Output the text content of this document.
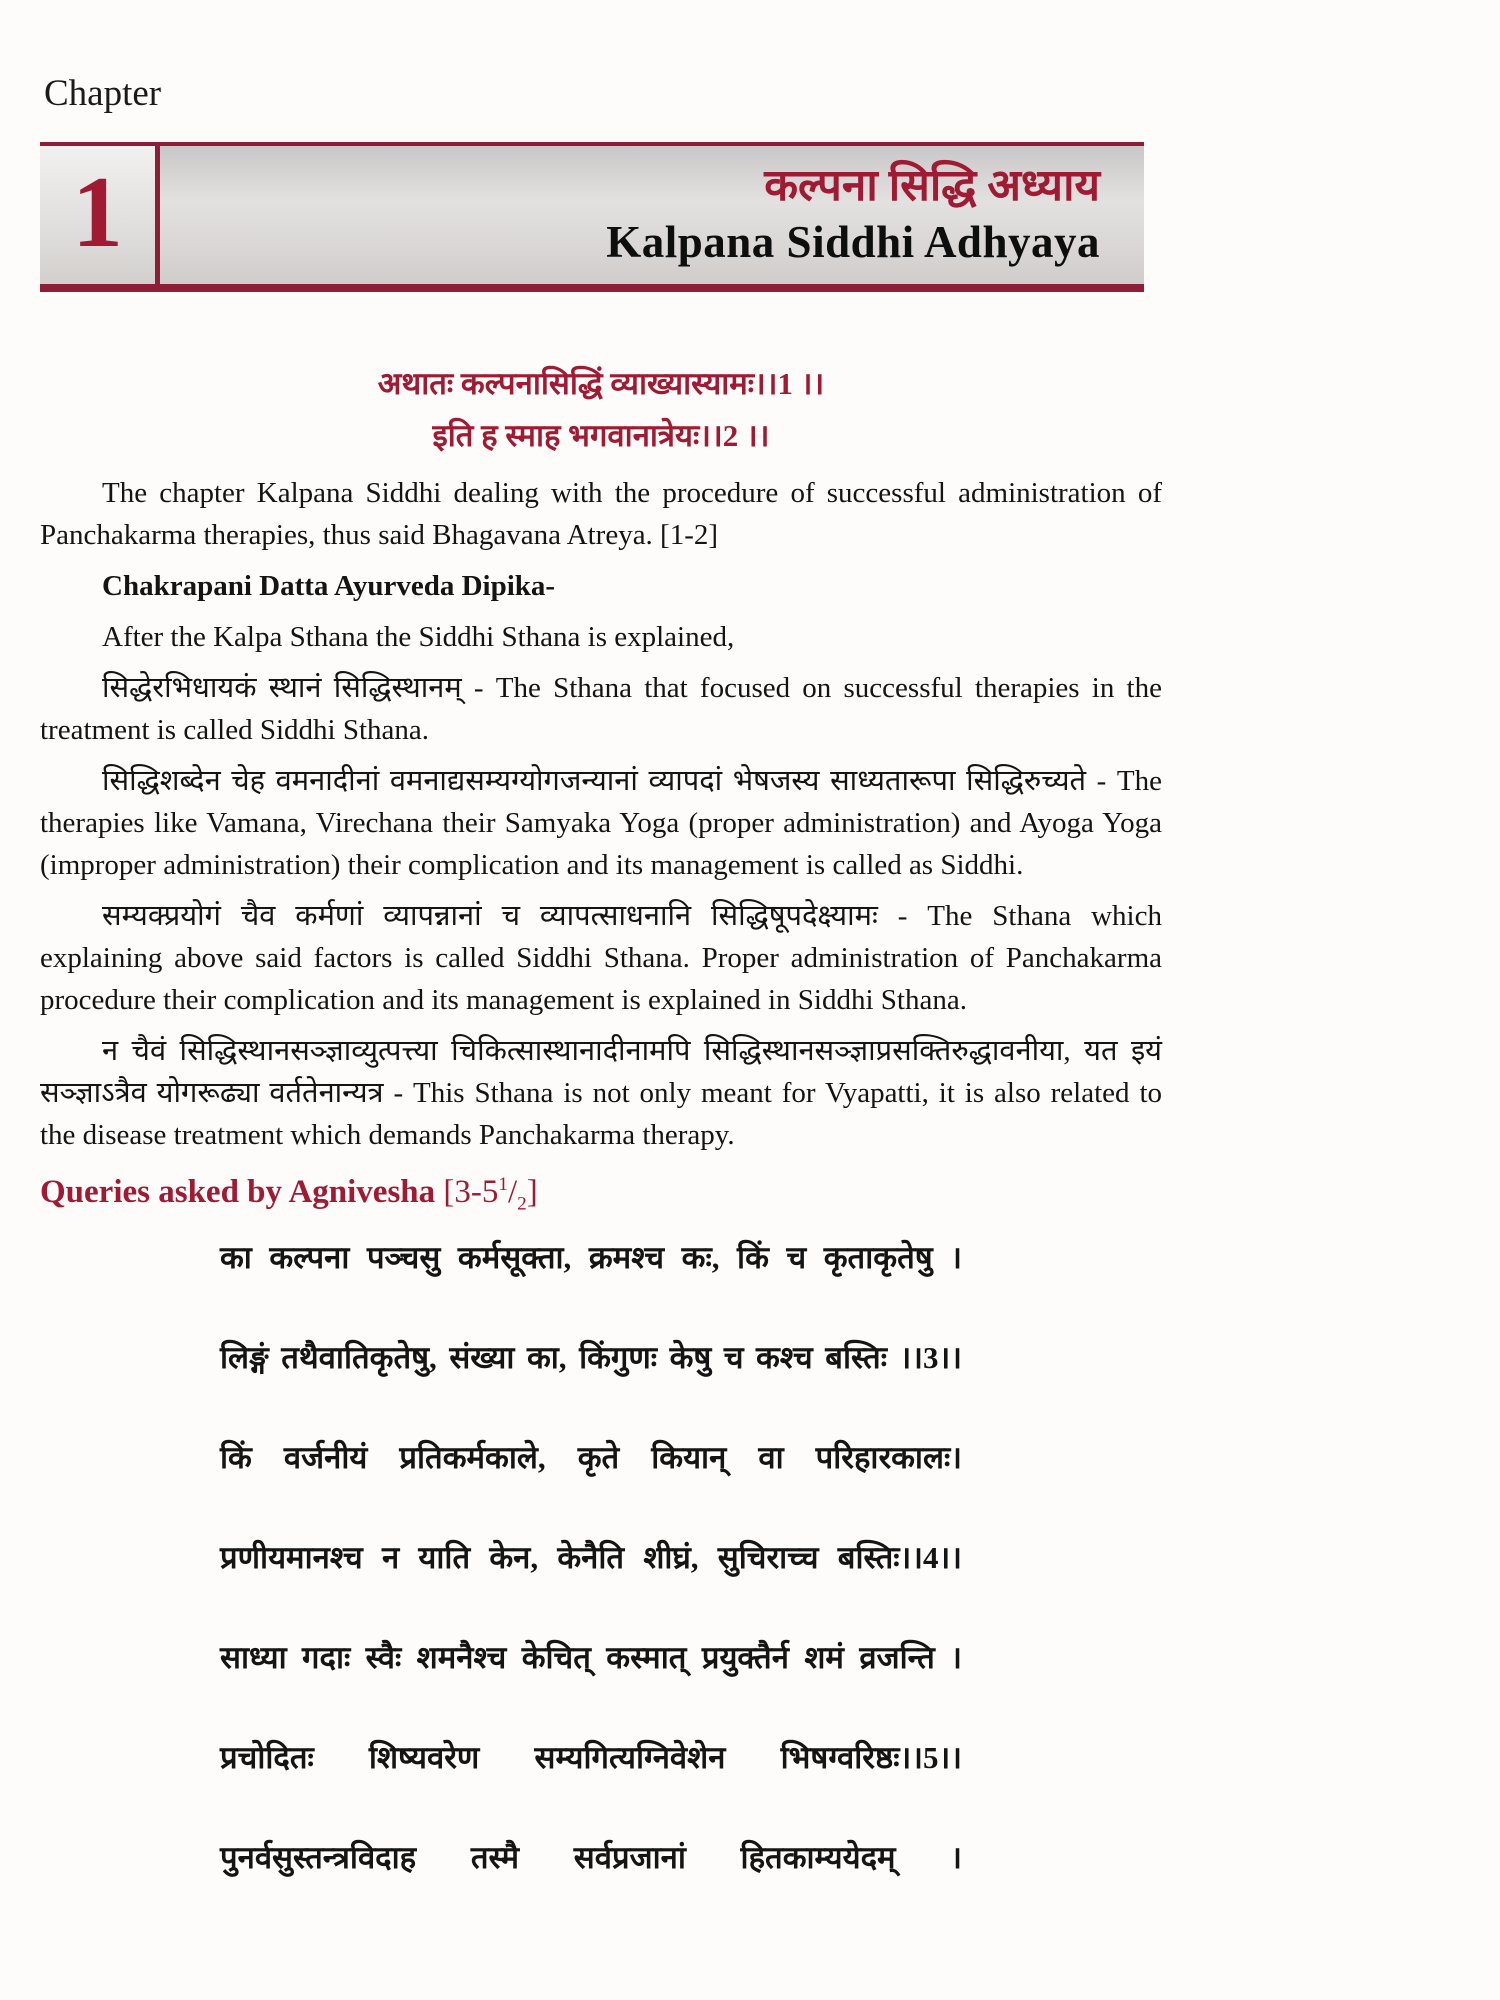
Chapter
1	कल्पना सिद्धि अध्याय
Kalpana Siddhi Adhyaya
अथातः कल्पनासिद्धिं व्याख्यास्यामः।।1 ।।
इति ह स्माह भगवानात्रेयः।।2 ।।

The chapter Kalpana Siddhi dealing with the procedure of successful administration of Panchakarma therapies, thus said Bhagavana Atreya. [1-2]

Chakrapani Datta Ayurveda Dipika-

After the Kalpa Sthana the Siddhi Sthana is explained,

सिद्धेरभिधायकं स्थानं सिद्धिस्थानम् - The Sthana that focused on successful therapies in the treatment is called Siddhi Sthana.

सिद्धिशब्देन चेह वमनादीनां वमनाद्यसम्यग्योगजन्यानां व्यापदां भेषजस्य साध्यतारूपा सिद्धिरुच्यते - The therapies like Vamana, Virechana their Samyaka Yoga (proper administration) and Ayoga Yoga (improper administration) their complication and its management is called as Siddhi.

सम्यक्प्रयोगं चैव कर्मणां व्यापन्नानां च व्यापत्साधनानि सिद्धिषूपदेक्ष्यामः - The Sthana which explaining above said factors is called Siddhi Sthana. Proper administration of Panchakarma procedure their complication and its management is explained in Siddhi Sthana.

न चैवं सिद्धिस्थानसञ्ज्ञाव्युत्पत्त्या चिकित्सास्थानादीनामपि सिद्धिस्थानसञ्ज्ञाप्रसक्तिरुद्धावनीया, यत इयं सञ्ज्ञाऽत्रैव योगरूढ्या वर्ततेनान्यत्र - This Sthana is not only meant for Vyapatti, it is also related to the disease treatment which demands Panchakarma therapy.

Queries asked by Agnivesha $[3-5^1/_2]$
का कल्पना पञ्चसु कर्मसूक्ता, क्रमश्च कः, किं च कृताकृतेषु ।
लिङ्गं तथैवातिकृतेषु, संख्या का, किंगुणः केषु च कश्च बस्तिः ।।3।।
किं वर्जनीयं प्रतिकर्मकाले, कृते कियान् वा परिहारकालः।
प्रणीयमानश्च न याति केन, केनैति शीघ्रं, सुचिराच्च बस्तिः।।4।।
साध्या गदाः स्वैः शमनैश्च केचित् कस्मात् प्रयुक्तैर्न शमं व्रजन्ति ।
प्रचोदितः शिष्यवरेण सम्यगित्यग्निवेशेन भिषग्वरिष्ठः।।5।।
पुनर्वसुस्तन्त्रविदाह तस्मै सर्वप्रजानां हितकाम्ययेदम् ।
